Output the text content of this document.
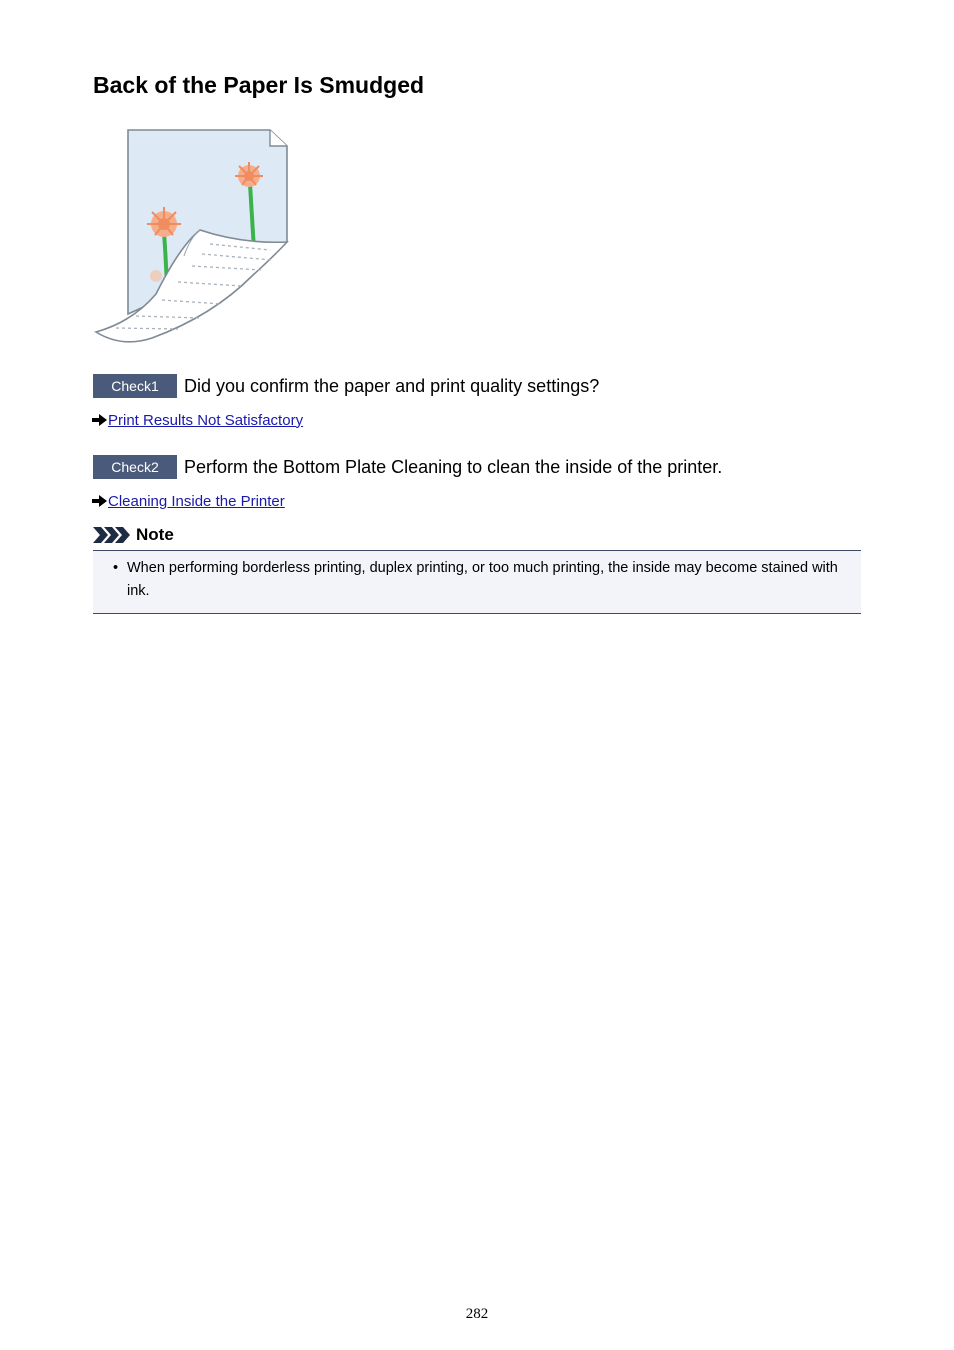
Back of the Paper Is Smudged
Check1	Did you confirm the paper and print quality settings?
Print Results Not Satisfactory
Check2	Perform the Bottom Plate Cleaning to clean the inside of the printer.
Cleaning Inside the Printer
Note
• When performing borderless printing, duplex printing, or too much printing, the inside may become stained with ink.
282
